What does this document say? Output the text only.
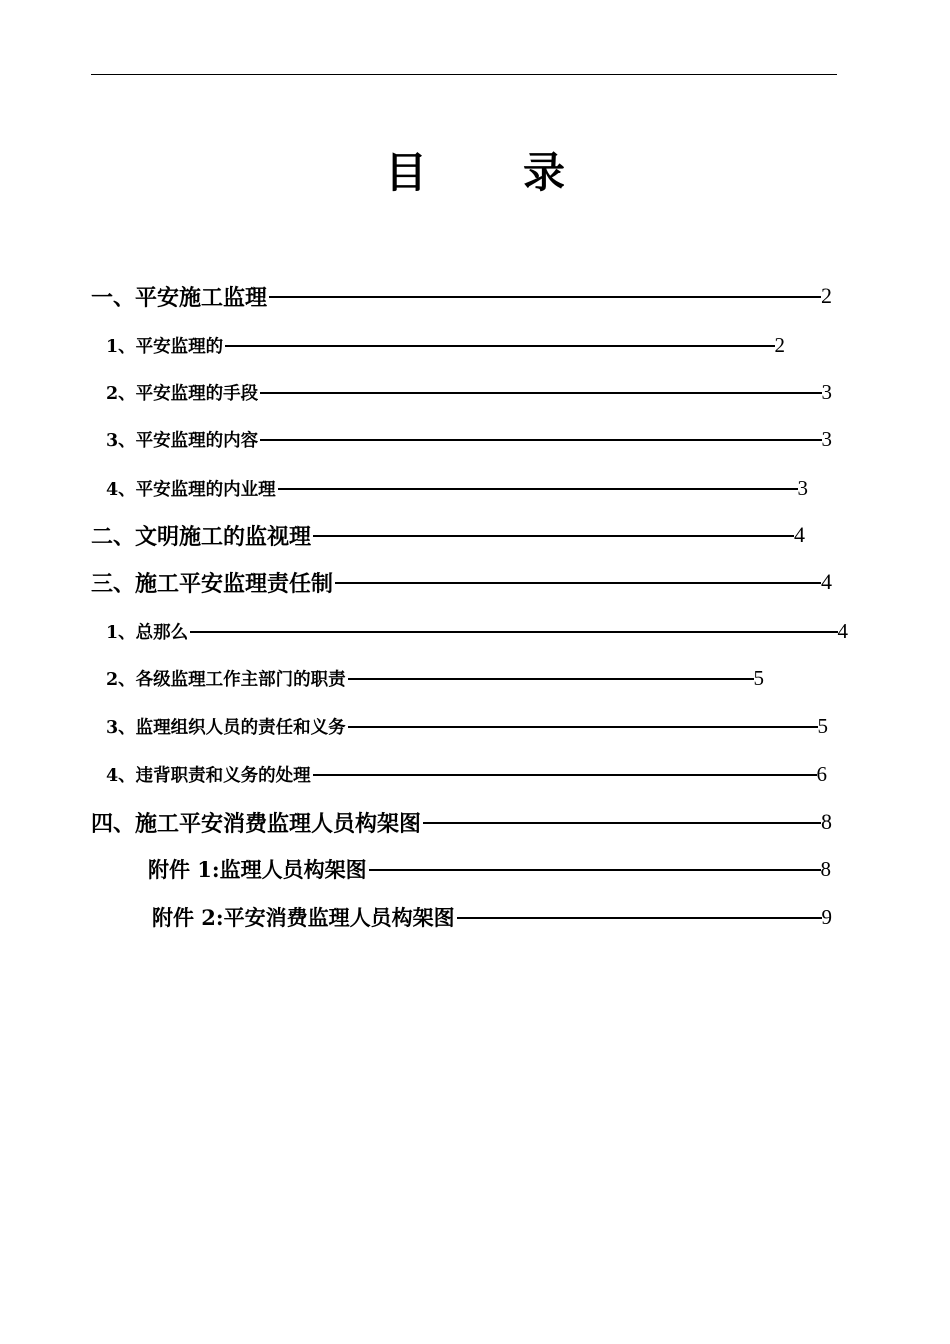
目 录
一、平安施工监理	2
1、平安监理的	2
2、平安监理的手段	3
3、平安监理的内容	3
4、平安监理的内业理	3
二、文明施工的监视理	4
三、施工平安监理责任制	4
1、总那么	4
2、各级监理工作主部门的职责	5
3、监理组织人员的责任和义务	5
4、违背职责和义务的处理	6
四、施工平安消费监理人员构架图	8
附件 1:监理人员构架图	8
附件 2:平安消费监理人员构架图	9
